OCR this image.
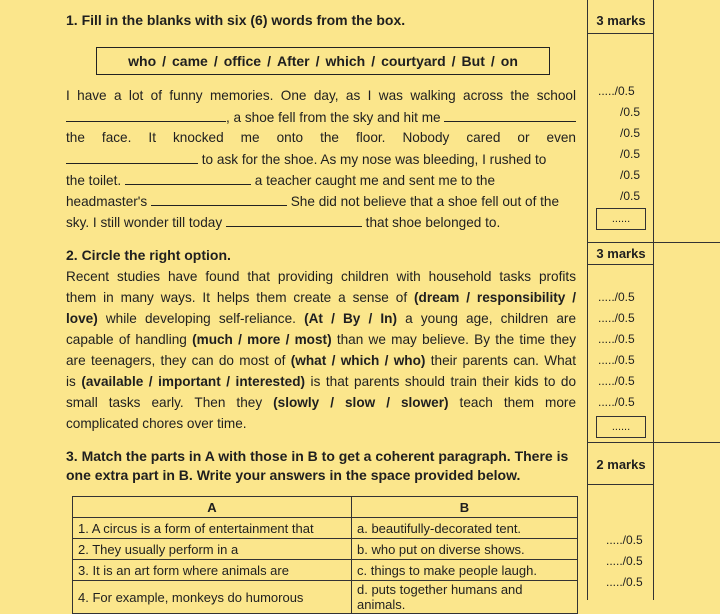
1. Fill in the blanks with six (6) words from the box.	3 marks
who / came / office / After / which / courtyard / But / on
I have a lot of funny memories. One day, as I was walking across the school
, a shoe fell from the sky and hit me
the face. It knocked me onto the floor. Nobody cared or even
to ask for the shoe. As my nose was bleeding, I rushed to
the toilet.	a teacher caught me and sent me to the
headmaster's	She did not believe that a shoe fell out of the
sky. I still wonder till today	that shoe belonged to.
...../0.5
/0.5
/0.5
/0.5
/0.5
/0.5
......
2. Circle the right option.	3 marks
Recent studies have found that providing children with household tasks profits
them in many ways. It helps them create a sense of (dream / responsibility /
love) while developing self-reliance. (At / By / In) a young age, children are
capable of handling (much / more / most) than we may believe. By the time they
are teenagers, they can do most of (what / which / who) their parents can. What
is (available / important / interested) is that parents should train their kids to do
small tasks early. Then they (slowly / slow / slower) teach them more
complicated chores over time.
...../0.5
...../0.5
...../0.5
...../0.5
...../0.5
...../0.5
......
3. Match the parts in A with those in B to get a coherent paragraph. There is
one extra part in B. Write your answers in the space provided below.
2 marks
A	B
1. A circus is a form of entertainment that	a. beautifully-decorated tent.
2. They usually perform in a	b. who put on diverse shows.
3. It is an art form where animals are	c. things to make people laugh.
4. For example, monkeys do humorous	d. puts together humans and animals.
...../0.5
...../0.5
...../0.5
